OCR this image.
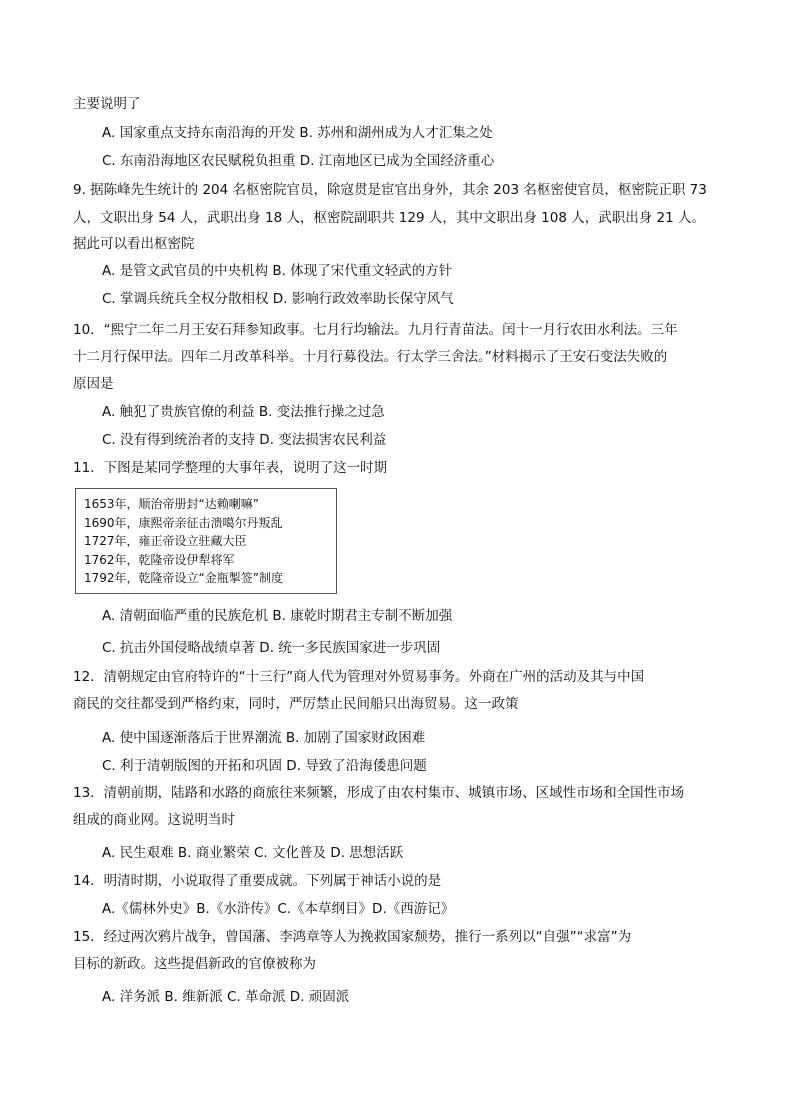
主要说明了
A. 国家重点支持东南沿海的开发 B. 苏州和湖州成为人才汇集之处
C. 东南沿海地区农民赋税负担重 D. 江南地区已成为全国经济重心
9. 据陈峰先生统计的 204 名枢密院官员，除寇贯是宦官出身外，其余 203 名枢密使官员，枢密院正职 73
人，文职出身 54 人，武职出身 18 人，枢密院副职共 129 人，其中文职出身 108 人，武职出身 21 人。
据此可以看出枢密院
A. 是管文武官员的中央机构 B. 体现了宋代重文轻武的方针
C. 掌调兵统兵全权分散相权 D. 影响行政效率助长保守风气
10．“熙宁二年二月王安石拜参知政事。七月行均输法。九月行青苗法。闰十一月行农田水利法。三年
十二月行保甲法。四年二月改革科举。十月行募役法。行太学三舍法。”材料揭示了王安石变法失败的
原因是
A. 触犯了贵族官僚的利益 B. 变法推行操之过急
C. 没有得到统治者的支持 D. 变法损害农民利益
11．下图是某同学整理的大事年表，说明了这一时期
1653年，顺治帝册封“达赖喇嘛”
1690年，康熙帝亲征击溃噶尔丹叛乱
1727年，雍正帝设立驻藏大臣
1762年，乾隆帝设伊犁将军
1792年，乾隆帝设立“金瓶掣签”制度
A. 清朝面临严重的民族危机 B. 康乾时期君主专制不断加强
C. 抗击外国侵略战绩卓著 D. 统一多民族国家进一步巩固
12．清朝规定由官府特许的“十三行”商人代为管理对外贸易事务。外商在广州的活动及其与中国
商民的交往都受到严格约束，同时，严厉禁止民间船只出海贸易。这一政策
A. 使中国逐渐落后于世界潮流 B. 加剧了国家财政困难
C. 利于清朝版图的开拓和巩固 D. 导致了沿海倭患问题
13．清朝前期，陆路和水路的商旅往来频繁，形成了由农村集市、城镇市场、区域性市场和全国性市场
组成的商业网。这说明当时
A. 民生艰难 B. 商业繁荣 C. 文化普及 D. 思想活跃
14．明清时期，小说取得了重要成就。下列属于神话小说的是
A.《儒林外史》B.《水浒传》C.《本草纲目》D.《西游记》
15．经过两次鸦片战争，曾国藩、李鸿章等人为挽救国家颓势，推行一系列以“自强”“求富”为
目标的新政。这些提倡新政的官僚被称为
A. 洋务派 B. 维新派 C. 革命派 D. 顽固派
